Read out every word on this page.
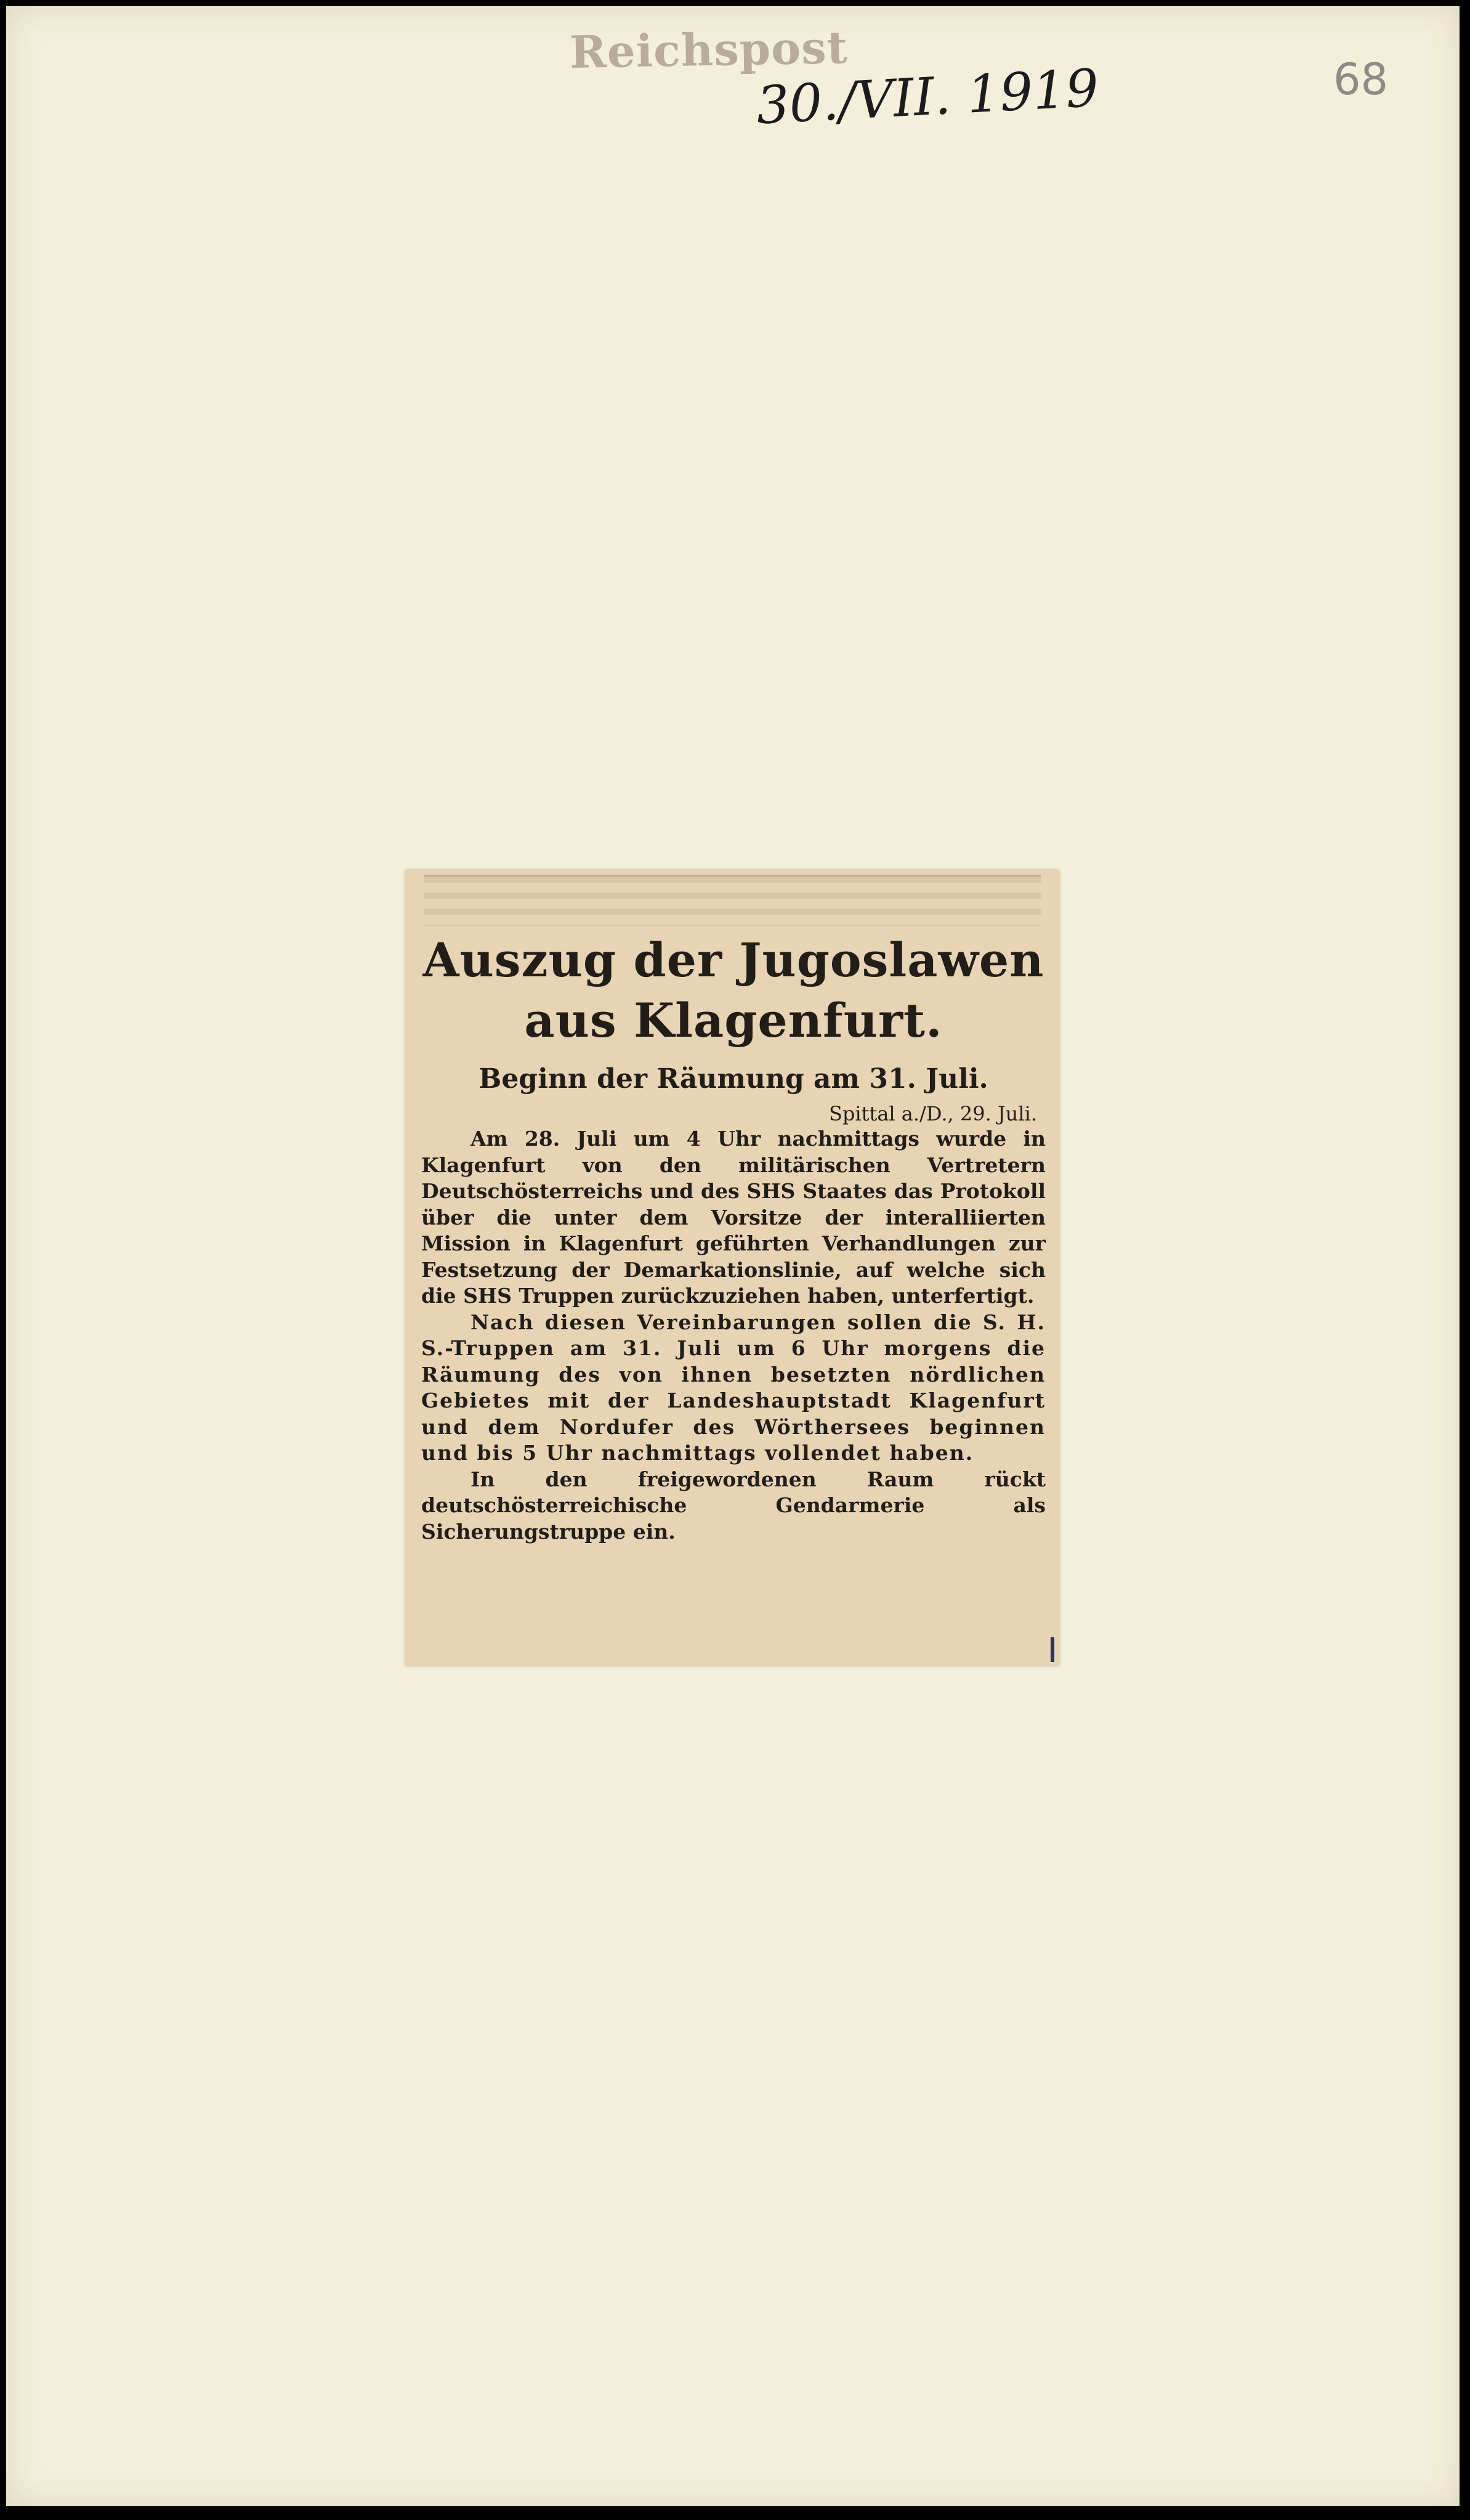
Reichspost
30./VII. 1919	68
Auszug der Jugoslawen aus Klagenfurt.
Beginn der Räumung am 31. Juli.
Spittal a./D., 29. Juli.

Am 28. Juli um 4 Uhr nachmittags wurde in Klagenfurt von den militärischen Vertretern Deutschösterreichs und des SHS Staates das Protokoll über die unter dem Vorsitze der interalliierten Mission in Klagenfurt geführten Verhandlungen zur Festsetzung der Demarkationslinie, auf welche sich die SHS Truppen zurückzuziehen haben, unterfertigt.

Nach diesen Vereinbarungen sollen die S. H. S.-Truppen am 31. Juli um 6 Uhr morgens die Räumung des von ihnen besetzten nördlichen Gebietes mit der Landeshauptstadt Klagenfurt und dem Nordufer des Wörthersees beginnen und bis 5 Uhr nachmittags vollendet haben.

In den freigewordenen Raum rückt deutschösterreichische Gendarmerie als Sicherungstruppe ein.
